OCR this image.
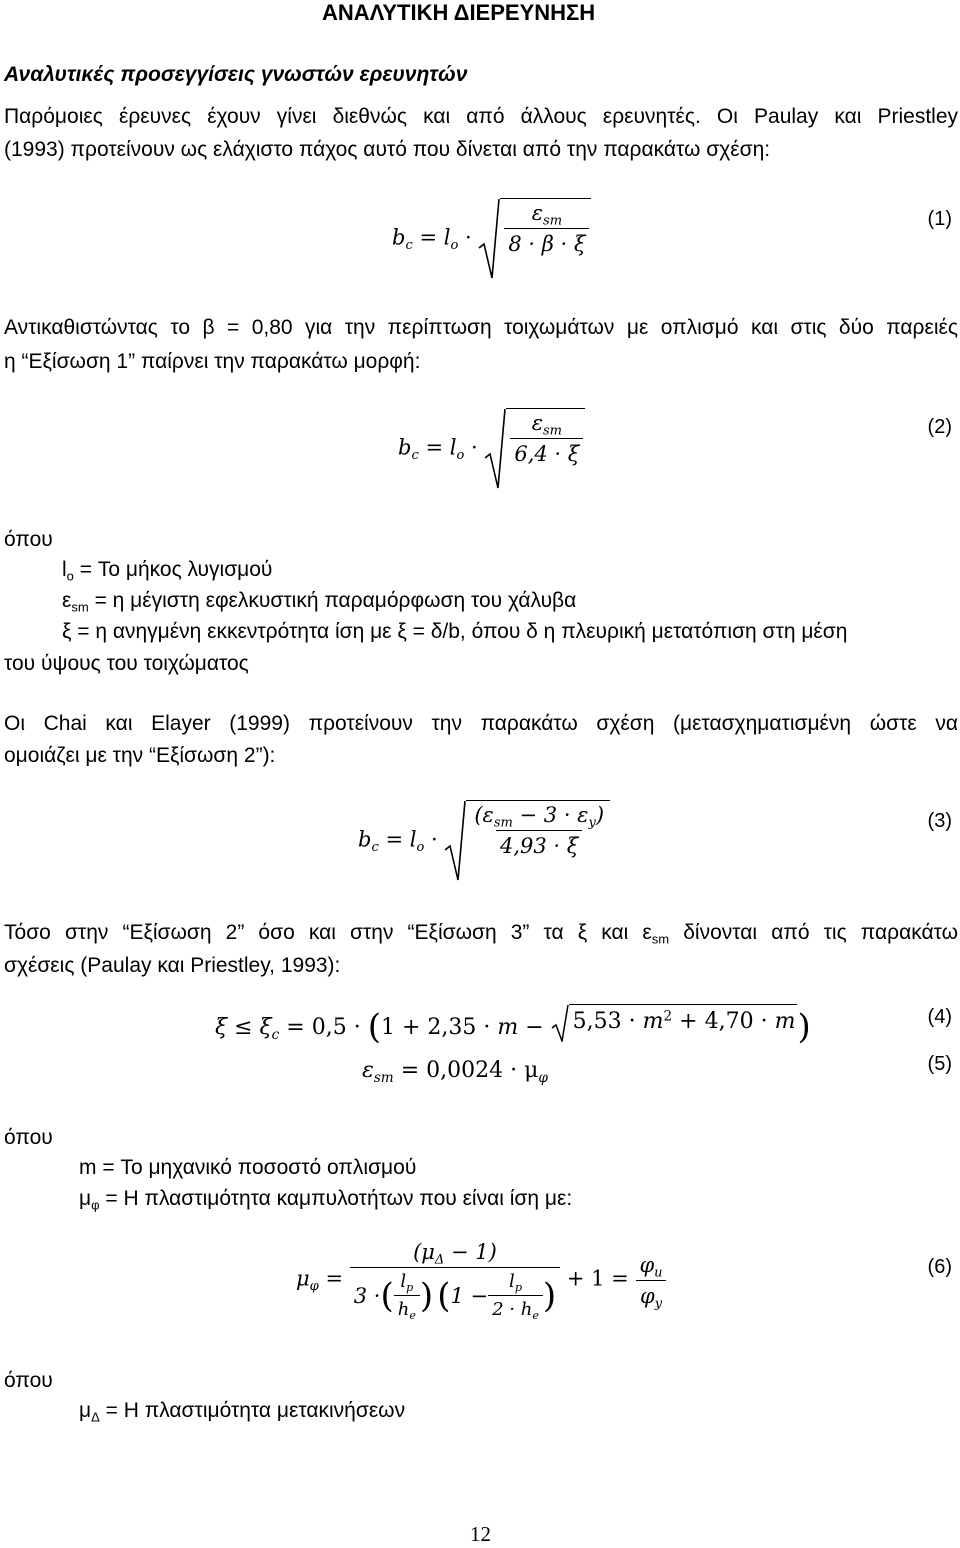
ΑΝΑΛΥΤΙΚΗ ΔΙΕΡΕΥΝΗΣΗ
Αναλυτικές προσεγγίσεις γνωστών ερευνητών
Παρόμοιες έρευνες έχουν γίνει διεθνώς και από άλλους ερευνητές. Οι Paulay και Priestley
(1993) προτείνουν ως ελάχιστο πάχος αυτό που δίνεται από την παρακάτω σχέση:
$b_c = l_o \cdot \frac{\varepsilon_{sm}}{8 \cdot \beta \cdot \xi}$	(1)
Αντικαθιστώντας το β = 0,80 για την περίπτωση τοιχωμάτων με οπλισμό και στις δύο παρειές
η “Εξίσωση 1” παίρνει την παρακάτω μορφή:
$b_c = l_o \cdot \frac{\varepsilon_{sm}}{6,4 \cdot \xi}$	(2)
όπου
$l_o = To$ μήκος λυγισμού
$\varepsilon_{sm} = \eta$ μέγιστη εφελκυστική παραμόρφωση του χάλυβα
ξ = η ανηγμένη εκκεντρότητα ίση με ξ = δ/b, όπου δ η πλευρική μετατόπιση στη μέση
του ύψους του τοιχώματος
Οι Chai και Elayer (1999) προτείνουν την παρακάτω σχέση (μετασχηματισμένη ώστε να
ομοιάζει με την “Εξίσωση 2”):
$b_c = l_o \cdot \frac{(\varepsilon_{sm} - 3 \cdot \varepsilon_y)}{4,93 \cdot \xi}$	(3)
Τόσο στην “Εξίσωση 2” όσο και στην “Εξίσωση 3” τα ξ και $\varepsilon_{sm}$ δίνονται από τις παρακάτω
σχέσεις (Paulay και Priestley, 1993):
$\xi \le \xi_c = 0,5 \cdot (1 + 2,35 \cdot m - 5,53 \cdot m^2 + 4,70 \cdot m$ )	(4)
$\varepsilon_{sm} = 0,0024 \cdot \mu_\varphi$
(5)
όπου
m = Το μηχανικό ποσοστό οπλισμού
$\mu_\varphi = H$ πλαστιμότητα καμπυλοτήτων που είναι ίση με:
$\mu_\varphi$ =
$(\mu_\Delta - 1)$
3 · ( $\frac{l_p}{h_e}$ ) ( $1 - \frac{l_p}{2 \cdot h_e}$ ) + $1 = \frac{\varphi_u}{\varphi_y}$	(6)
όπου
$\mu_\Delta = H$ πλαστιμότητα μετακινήσεων
12
